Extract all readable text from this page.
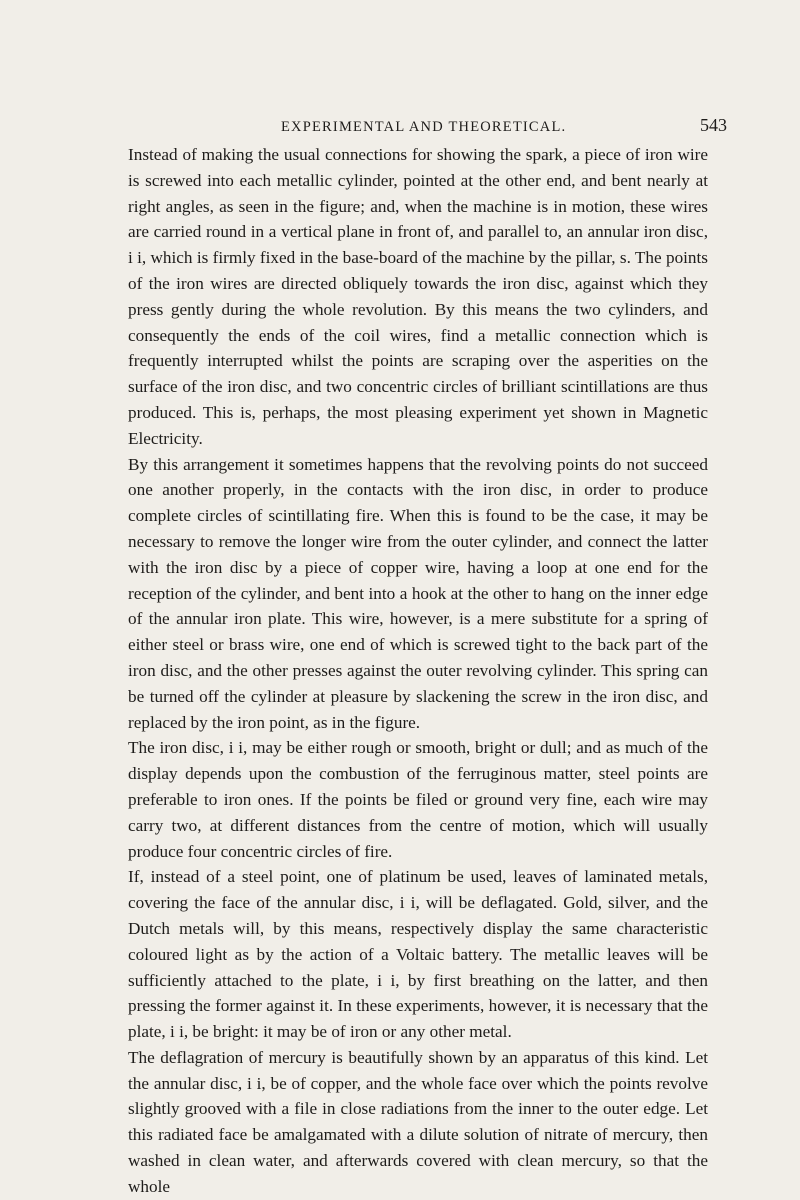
EXPERIMENTAL AND THEORETICAL.	543

Instead of making the usual connections for showing the spark, a piece of iron wire is screwed into each metallic cylinder, pointed at the other end, and bent nearly at right angles, as seen in the figure; and, when the machine is in motion, these wires are carried round in a vertical plane in front of, and parallel to, an annular iron disc, i i, which is firmly fixed in the base-board of the machine by the pillar, s. The points of the iron wires are directed obliquely towards the iron disc, against which they press gently during the whole revolution. By this means the two cylinders, and consequently the ends of the coil wires, find a metallic connection which is frequently interrupted whilst the points are scraping over the asperities on the surface of the iron disc, and two concentric circles of brilliant scintillations are thus produced. This is, perhaps, the most pleasing experiment yet shown in Magnetic Electricity.

By this arrangement it sometimes happens that the revolving points do not succeed one another properly, in the contacts with the iron disc, in order to produce complete circles of scintillating fire. When this is found to be the case, it may be necessary to remove the longer wire from the outer cylinder, and connect the latter with the iron disc by a piece of copper wire, having a loop at one end for the reception of the cylinder, and bent into a hook at the other to hang on the inner edge of the annular iron plate. This wire, however, is a mere substitute for a spring of either steel or brass wire, one end of which is screwed tight to the back part of the iron disc, and the other presses against the outer revolving cylinder. This spring can be turned off the cylinder at pleasure by slackening the screw in the iron disc, and replaced by the iron point, as in the figure.

The iron disc, i i, may be either rough or smooth, bright or dull; and as much of the display depends upon the combustion of the ferruginous matter, steel points are preferable to iron ones. If the points be filed or ground very fine, each wire may carry two, at different distances from the centre of motion, which will usually produce four concentric circles of fire.

If, instead of a steel point, one of platinum be used, leaves of laminated metals, covering the face of the annular disc, i i, will be deflagated. Gold, silver, and the Dutch metals will, by this means, respectively display the same characteristic coloured light as by the action of a Voltaic battery. The metallic leaves will be sufficiently attached to the plate, i i, by first breathing on the latter, and then pressing the former against it. In these experiments, however, it is necessary that the plate, i i, be bright: it may be of iron or any other metal.

The deflagration of mercury is beautifully shown by an apparatus of this kind. Let the annular disc, i i, be of copper, and the whole face over which the points revolve slightly grooved with a file in close radiations from the inner to the outer edge. Let this radiated face be amalgamated with a dilute solution of nitrate of mercury, then washed in clean water, and afterwards covered with clean mercury, so that the whole
